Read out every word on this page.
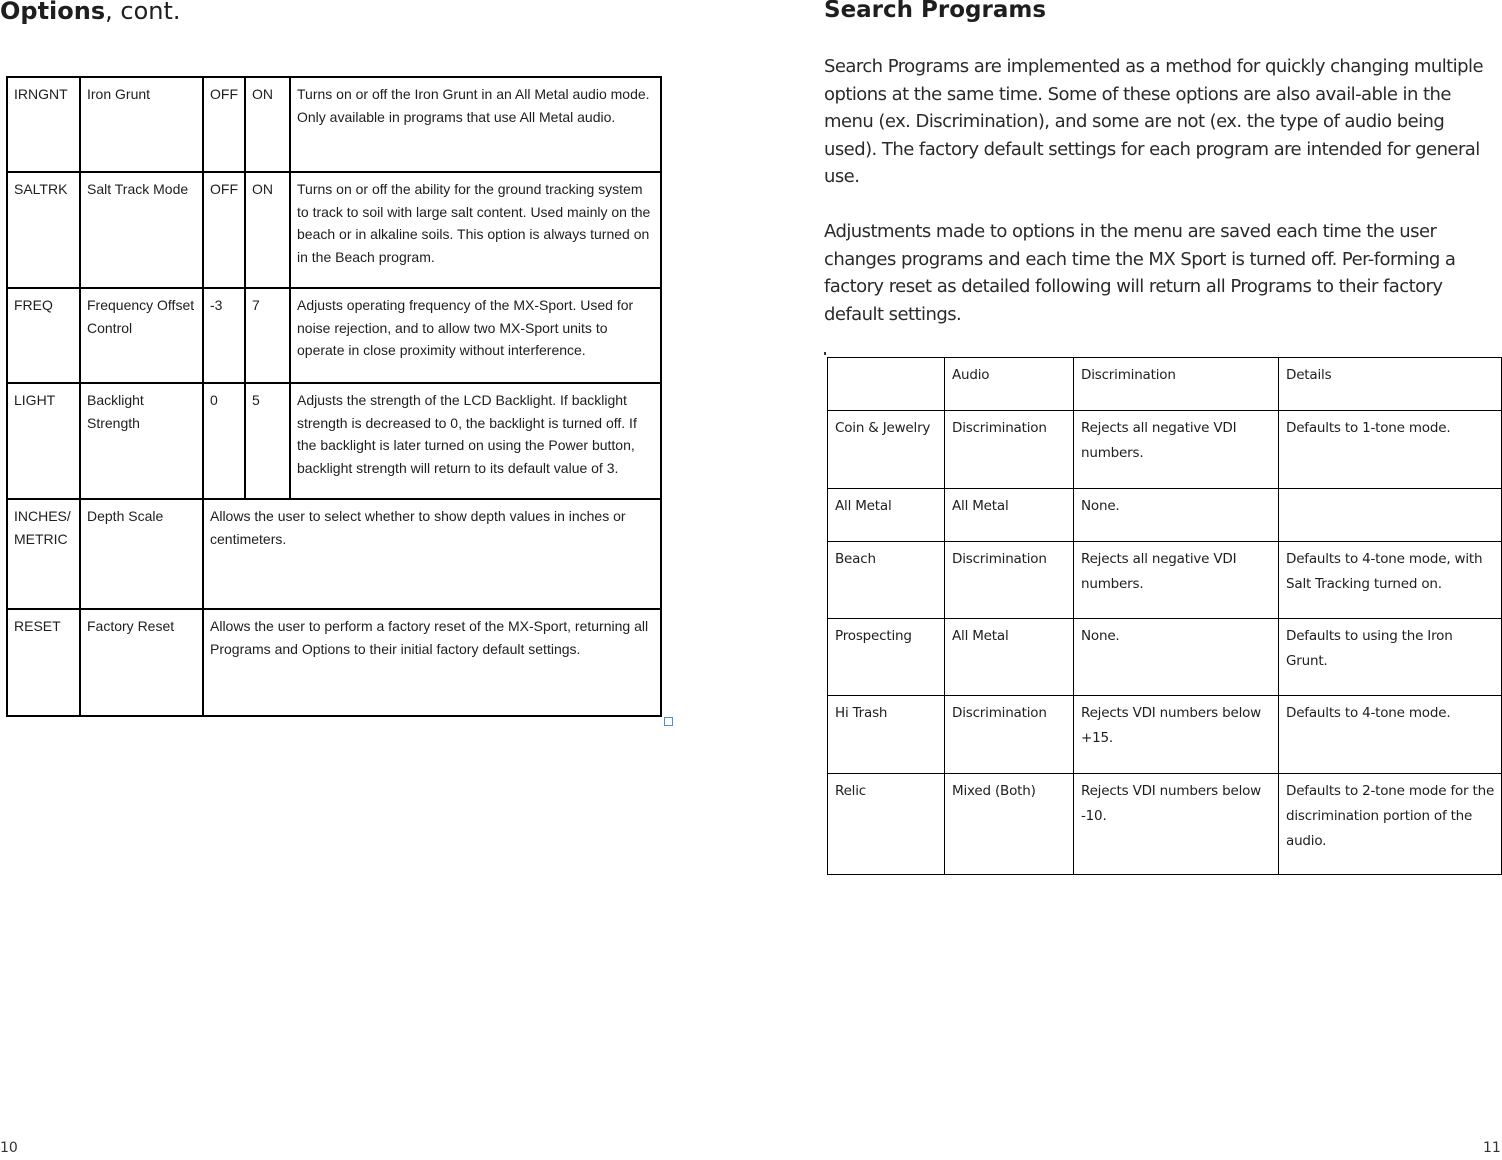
Options, cont.
IRNGNT	Iron Grunt	OFF	ON	Turns on or off the Iron Grunt in an All Metal audio mode. Only available in programs that use All Metal audio.
SALTRK	Salt Track Mode	OFF	ON	Turns on or off the ability for the ground tracking system to track to soil with large salt content. Used mainly on the beach or in alkaline soils. This option is always turned on in the Beach program.
FREQ	Frequency Offset Control	-3	7	Adjusts operating frequency of the MX-Sport. Used for noise rejection, and to allow two MX-Sport units to operate in close proximity without interference.
LIGHT	Backlight Strength	0	5	Adjusts the strength of the LCD Backlight. If backlight strength is decreased to 0, the backlight is turned off. If the backlight is later turned on using the Power button, backlight strength will return to its default value of 3.
INCHES/ METRIC	Depth Scale	Allows the user to select whether to show depth values in inches or centimeters.		
RESET	Factory Reset	Allows the user to perform a factory reset of the MX-Sport, returning all Programs and Options to their initial factory default settings.		
10
Search Programs
Search Programs are implemented as a method for quickly changing multiple options at the same time. Some of these options are also avail-able in the menu (ex. Discrimination), and some are not (ex. the type of audio being used). The factory default settings for each program are intended for general use.
Adjustments made to options in the menu are saved each time the user changes programs and each time the MX Sport is turned off. Per-forming a factory reset as detailed following will return all Programs to their factory default settings.
	Audio	Discrimination	Details
Coin & Jewelry	Discrimination	Rejects all negative VDI numbers.	Defaults to 1-tone mode.
All Metal	All Metal	None.	
Beach	Discrimination	Rejects all negative VDI numbers.	Defaults to 4-tone mode, with Salt Tracking turned on.
Prospecting	All Metal	None.	Defaults to using the Iron Grunt.
Hi Trash	Discrimination	Rejects VDI numbers below +15.	Defaults to 4-tone mode.
Relic	Mixed (Both)	Rejects VDI numbers below -10.	Defaults to 2-tone mode for the discrimination portion of the audio.
11
